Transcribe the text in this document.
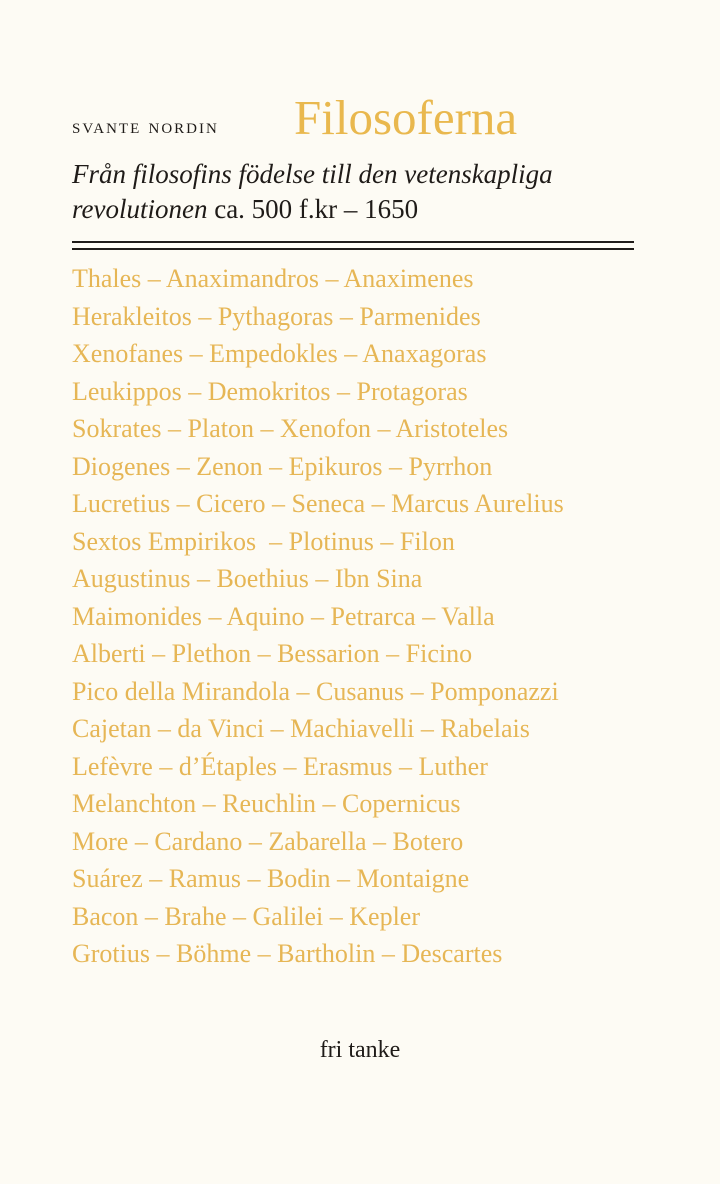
svante nordin Filosoferna
Från filosofins födelse till den vetenskapliga revolutionen ca. 500 f.kr – 1650
Thales – Anaximandros – Anaximenes
Herakleitos – Pythagoras – Parmenides
Xenofanes – Empedokles – Anaxagoras
Leukippos – Demokritos – Protagoras
Sokrates – Platon – Xenofon – Aristoteles
Diogenes – Zenon – Epikuros – Pyrrhon
Lucretius – Cicero – Seneca – Marcus Aurelius
Sextos Empirikos  – Plotinus – Filon
Augustinus – Boethius – Ibn Sina
Maimonides – Aquino – Petrarca – Valla
Alberti – Plethon – Bessarion – Ficino
Pico della Mirandola – Cusanus – Pomponazzi
Cajetan – da Vinci – Machiavelli – Rabelais
Lefèvre – d’Étaples – Erasmus – Luther
Melanchton – Reuchlin – Copernicus
More – Cardano – Zabarella – Botero
Suárez – Ramus – Bodin – Montaigne
Bacon – Brahe – Galilei – Kepler
Grotius – Böhme – Bartholin – Descartes
fri tanke
